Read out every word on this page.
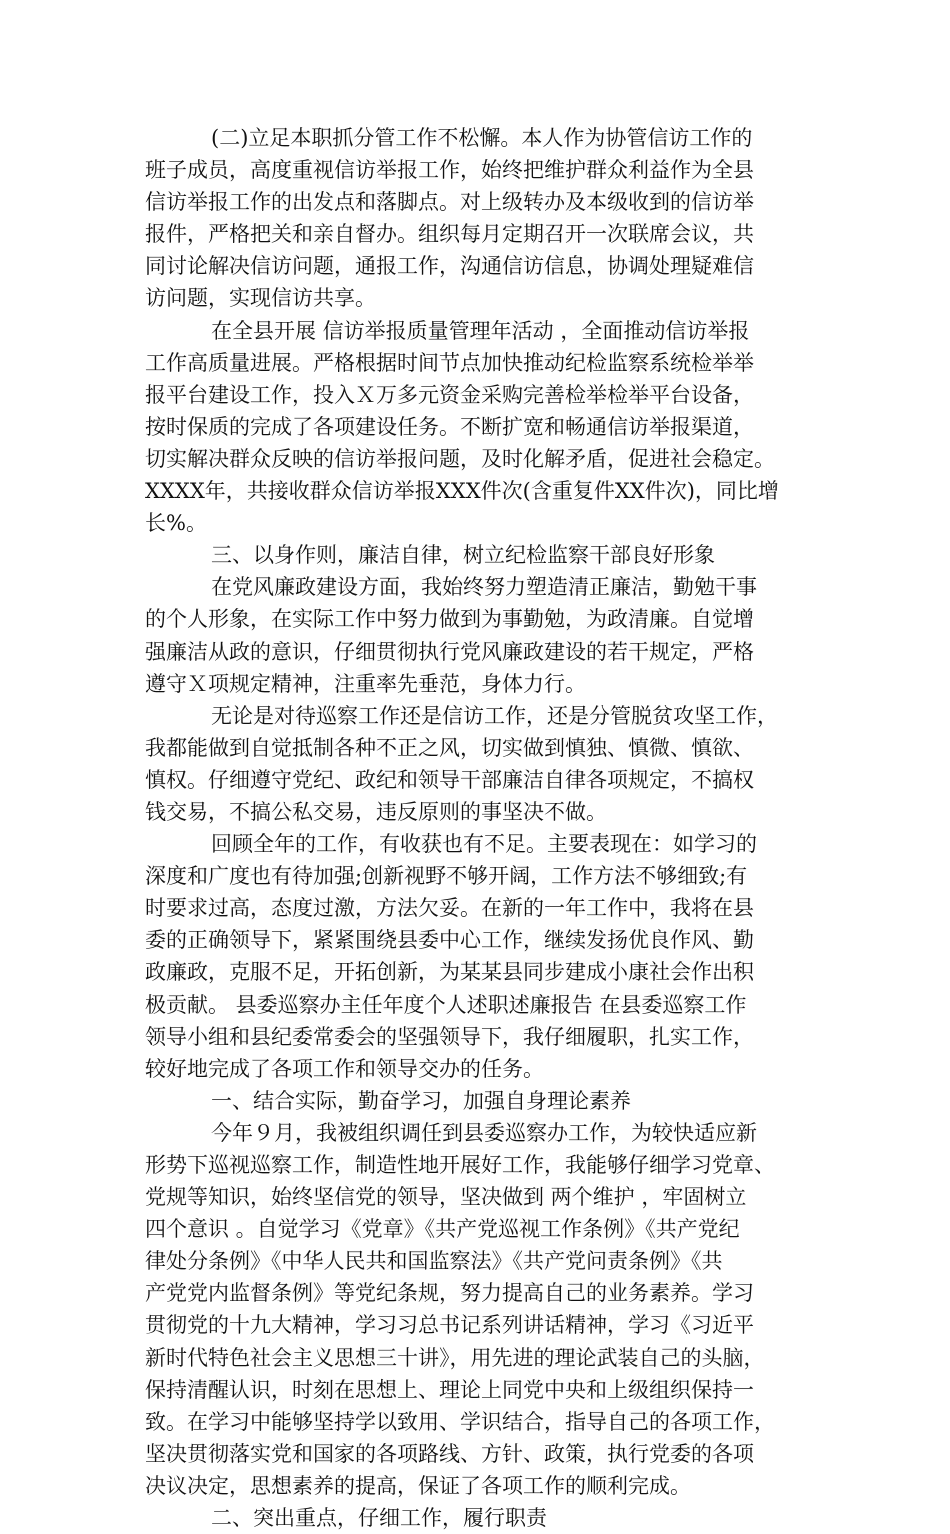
(二)立足本职抓分管工作不松懈。本人作为协管信访工作的
班子成员，高度重视信访举报工作，始终把维护群众利益作为全县
信访举报工作的出发点和落脚点。对上级转办及本级收到的信访举
报件，严格把关和亲自督办。组织每月定期召开一次联席会议，共
同讨论解决信访问题，通报工作，沟通信访信息，协调处理疑难信
访问题，实现信访共享。
在全县开展 信访举报质量管理年活动 ，全面推动信访举报
工作高质量进展。严格根据时间节点加快推动纪检监察系统检举举
报平台建设工作，投入Ｘ万多元资金采购完善检举检举平台设备，
按时保质的完成了各项建设任务。不断扩宽和畅通信访举报渠道，
切实解决群众反映的信访举报问题，及时化解矛盾，促进社会稳定。
XXXX年，共接收群众信访举报XXX件次(含重复件XX件次)，同比增
长%。
三、以身作则，廉洁自律，树立纪检监察干部良好形象
在党风廉政建设方面，我始终努力塑造清正廉洁，勤勉干事
的个人形象，在实际工作中努力做到为事勤勉，为政清廉。自觉增
强廉洁从政的意识，仔细贯彻执行党风廉政建设的若干规定，严格
遵守Ｘ项规定精神，注重率先垂范，身体力行。
无论是对待巡察工作还是信访工作，还是分管脱贫攻坚工作，
我都能做到自觉抵制各种不正之风，切实做到慎独、慎微、慎欲、
慎权。仔细遵守党纪、政纪和领导干部廉洁自律各项规定，不搞权
钱交易，不搞公私交易，违反原则的事坚决不做。
回顾全年的工作，有收获也有不足。主要表现在：如学习的
深度和广度也有待加强;创新视野不够开阔，工作方法不够细致;有
时要求过高，态度过激，方法欠妥。在新的一年工作中，我将在县
委的正确领导下，紧紧围绕县委中心工作，继续发扬优良作风、勤
政廉政，克服不足，开拓创新，为某某县同步建成小康社会作出积
极贡献。 县委巡察办主任年度个人述职述廉报告 在县委巡察工作
领导小组和县纪委常委会的坚强领导下，我仔细履职，扎实工作，
较好地完成了各项工作和领导交办的任务。
一、结合实际，勤奋学习，加强自身理论素养
今年９月，我被组织调任到县委巡察办工作，为较快适应新
形势下巡视巡察工作，制造性地开展好工作，我能够仔细学习党章、
党规等知识，始终坚信党的领导，坚决做到 两个维护 ，牢固树立
四个意识 。自觉学习《党章》《共产党巡视工作条例》《共产党纪
律处分条例》《中华人民共和国监察法》《共产党问责条例》《共
产党党内监督条例》等党纪条规，努力提高自己的业务素养。学习
贯彻党的十九大精神，学习习总书记系列讲话精神，学习《习近平
新时代特色社会主义思想三十讲》，用先进的理论武装自己的头脑，
保持清醒认识，时刻在思想上、理论上同党中央和上级组织保持一
致。在学习中能够坚持学以致用、学识结合，指导自己的各项工作，
坚决贯彻落实党和国家的各项路线、方针、政策，执行党委的各项
决议决定，思想素养的提高，保证了各项工作的顺利完成。
二、突出重点，仔细工作，履行职责
